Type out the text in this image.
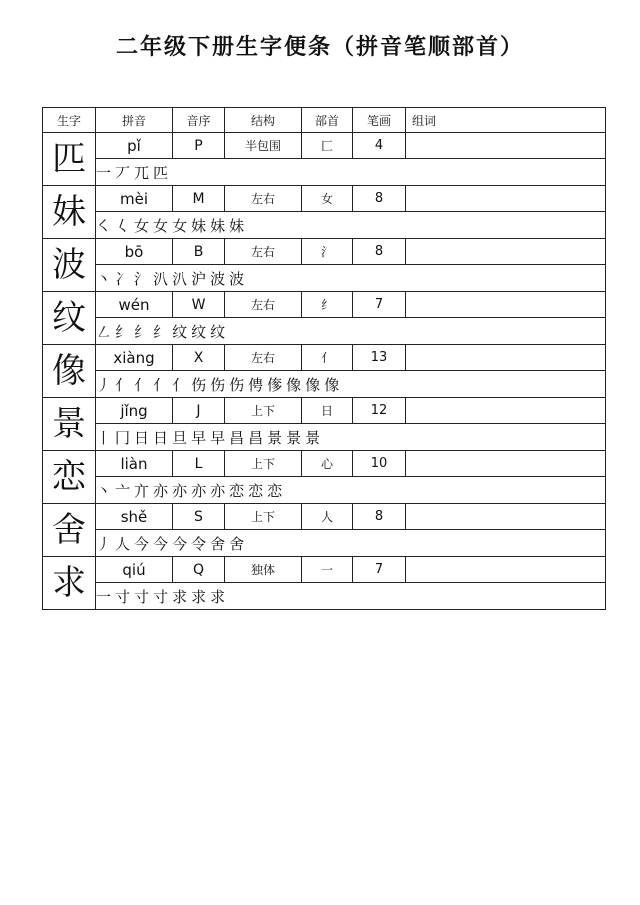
二年级下册生字便条（拼音笔顺部首）
生字	拼音	音序	结构	部首	笔画	组词
匹	pǐ	P	半包围	匚	4	
	一 丆 兀 匹					
妹	mèi	M	左右	女	8	
	㇛ 𡿨 女 女 女 妹 妹 妹					
波	bō	B	左右	氵	8	
	丶 冫 氵 汃 汃 沪 波 波					
纹	wén	W	左右	纟	7	
	㇜ 纟 纟 纟 纹 纹 纹					
像	xiàng	X	左右	亻	13	
	丿 亻 亻 亻 亻 伤 伤 伤 俜 偧 像 像 像					
景	jǐng	J	上下	日	12	
	丨 冂 日 日 旦 早 早 昌 昌 景 景 景					
恋	liàn	L	上下	心	10	
	丶 亠 亣 亦 亦 亦 亦 恋 恋 恋					
舍	shě	S	上下	人	8	
	丿 人 今 今 今 令 舍 舍					
求	qiú	Q	独体	一	7	
	一 寸 寸 寸 求 求 求					
